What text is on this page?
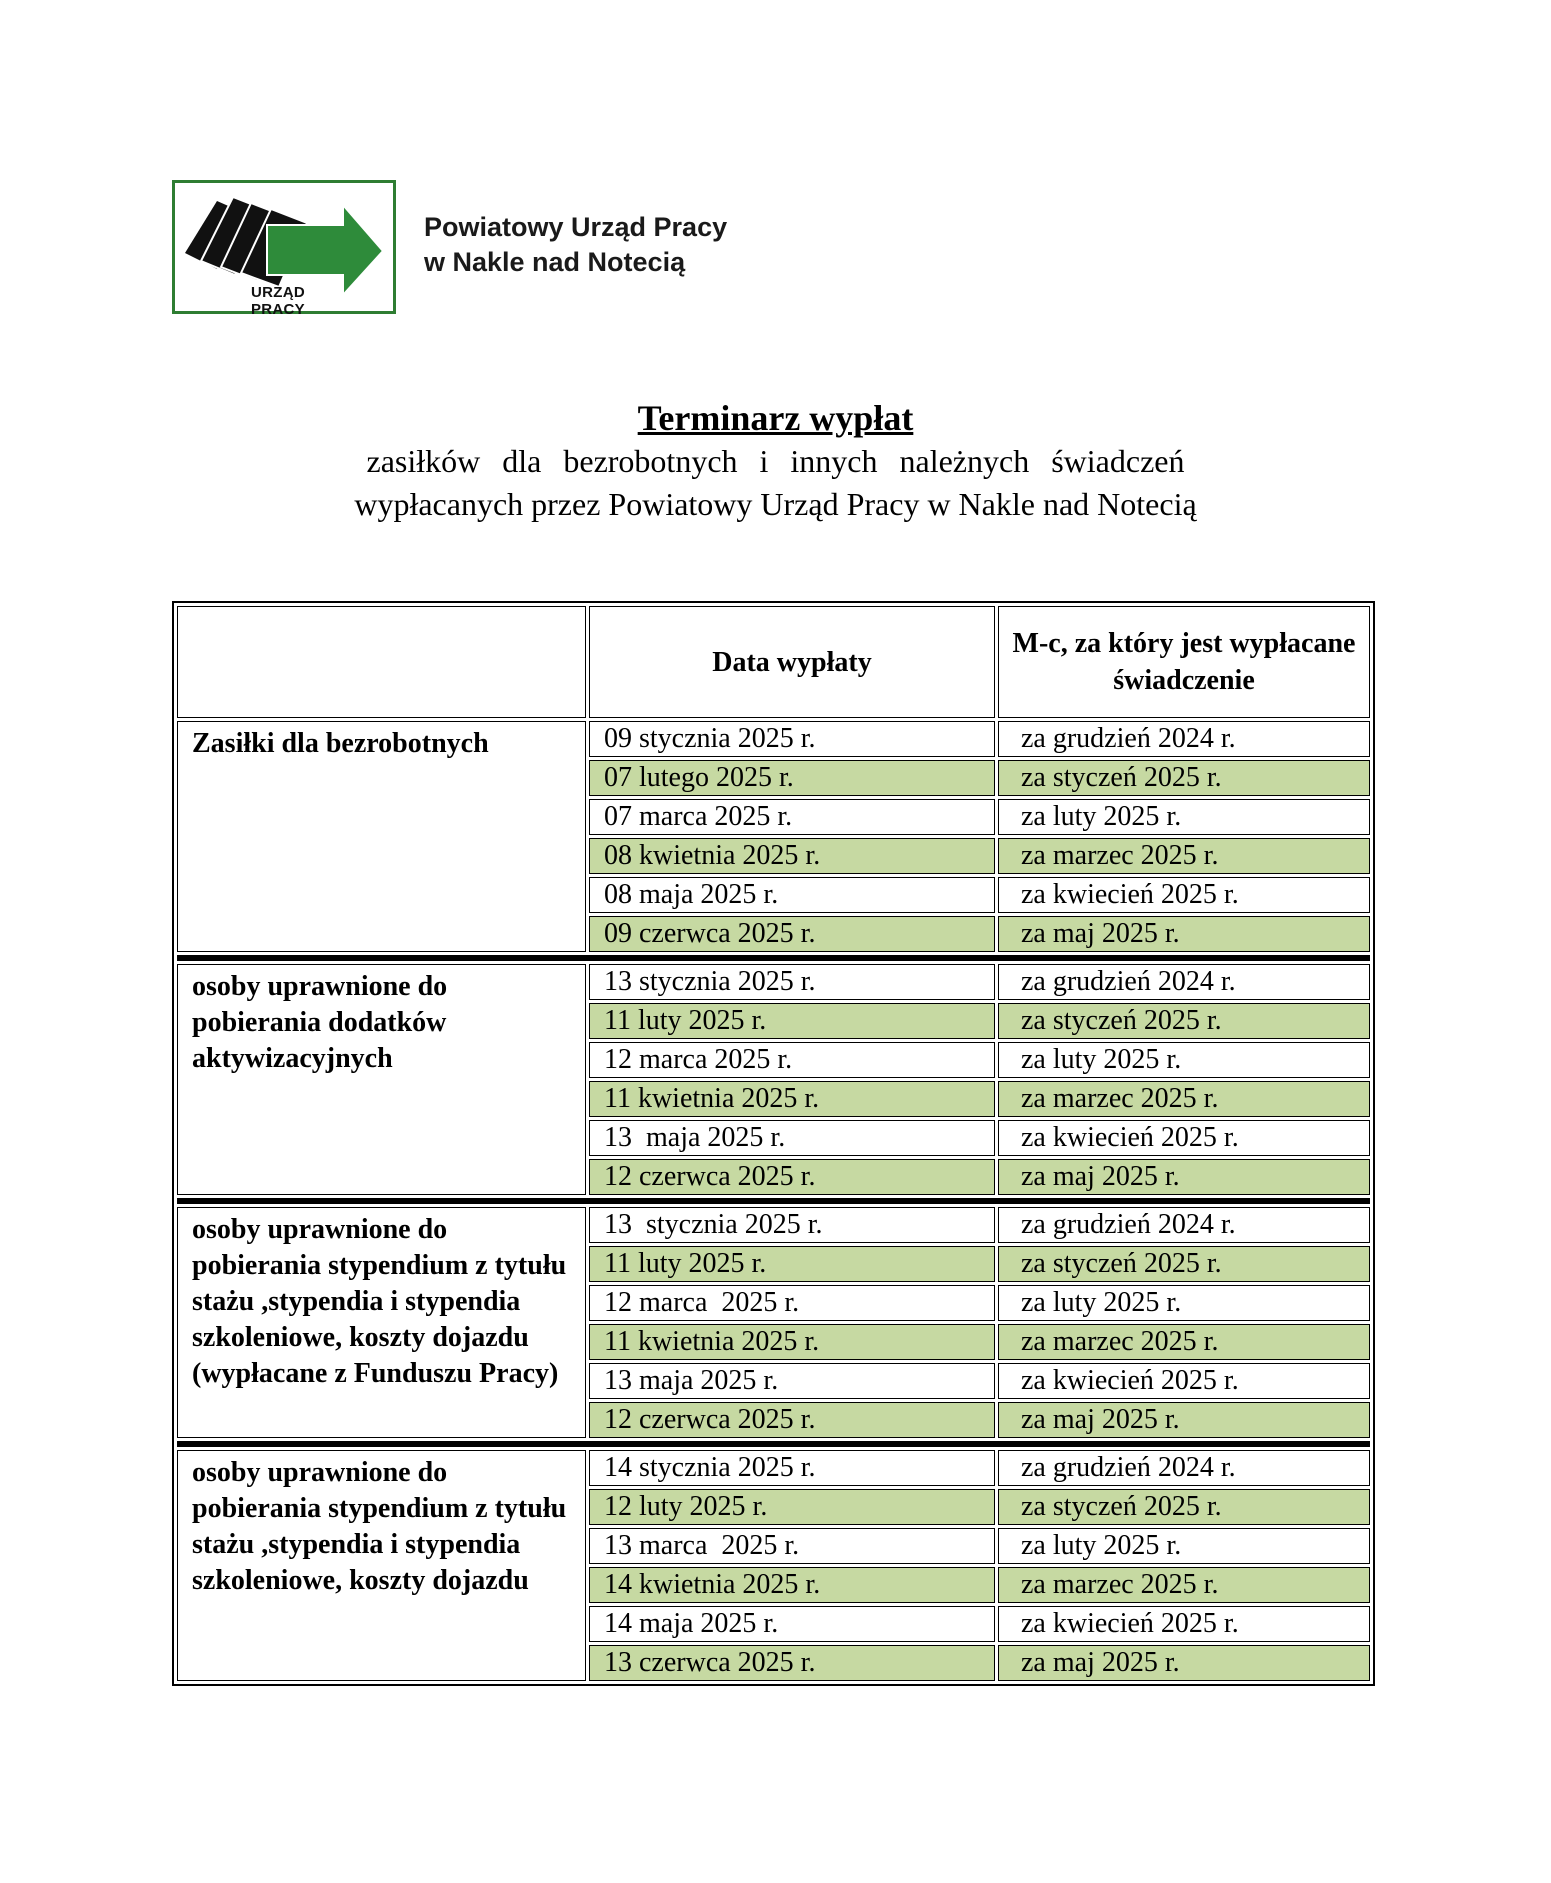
URZĄD PRACY
Powiatowy Urząd Pracy
w Nakle nad Notecią
Terminarz wypłat
zasiłków dla bezrobotnych i innych należnych świadczeń
wypłacanych przez Powiatowy Urząd Pracy w Nakle nad Notecią
	Data wypłaty	M-c, za który jest wypłacane świadczenie
Zasiłki dla bezrobotnych	09 stycznia 2025 r.	za grudzień 2024 r.
	07 lutego 2025 r.	za styczeń 2025 r.
	07 marca 2025 r.	za luty 2025 r.
	08 kwietnia 2025 r.	za marzec 2025 r.
	08 maja 2025 r.	za kwiecień 2025 r.
	09 czerwca 2025 r.	za maj 2025 r.

osoby uprawnione do pobierania dodatków aktywizacyjnych	13 stycznia 2025 r.	za grudzień 2024 r.
	11 luty 2025 r.	za styczeń 2025 r.
	12 marca 2025 r.	za luty 2025 r.
	11 kwietnia 2025 r.	za marzec 2025 r.
	13  maja 2025 r.	za kwiecień 2025 r.
	12 czerwca 2025 r.	za maj 2025 r.

osoby uprawnione do pobierania stypendium z tytułu stażu ,stypendia i stypendia szkoleniowe, koszty dojazdu (wypłacane z Funduszu Pracy)	13  stycznia 2025 r.	za grudzień 2024 r.
	11 luty 2025 r.	za styczeń 2025 r.
	12 marca  2025 r.	za luty 2025 r.
	11 kwietnia 2025 r.	za marzec 2025 r.
	13 maja 2025 r.	za kwiecień 2025 r.
	12 czerwca 2025 r.	za maj 2025 r.

osoby uprawnione do pobierania stypendium z tytułu stażu ,stypendia i stypendia szkoleniowe, koszty dojazdu	14 stycznia 2025 r.	za grudzień 2024 r.
	12 luty 2025 r.	za styczeń 2025 r.
	13 marca  2025 r.	za luty 2025 r.
	14 kwietnia 2025 r.	za marzec 2025 r.
	14 maja 2025 r.	za kwiecień 2025 r.
	13 czerwca 2025 r.	za maj 2025 r.
